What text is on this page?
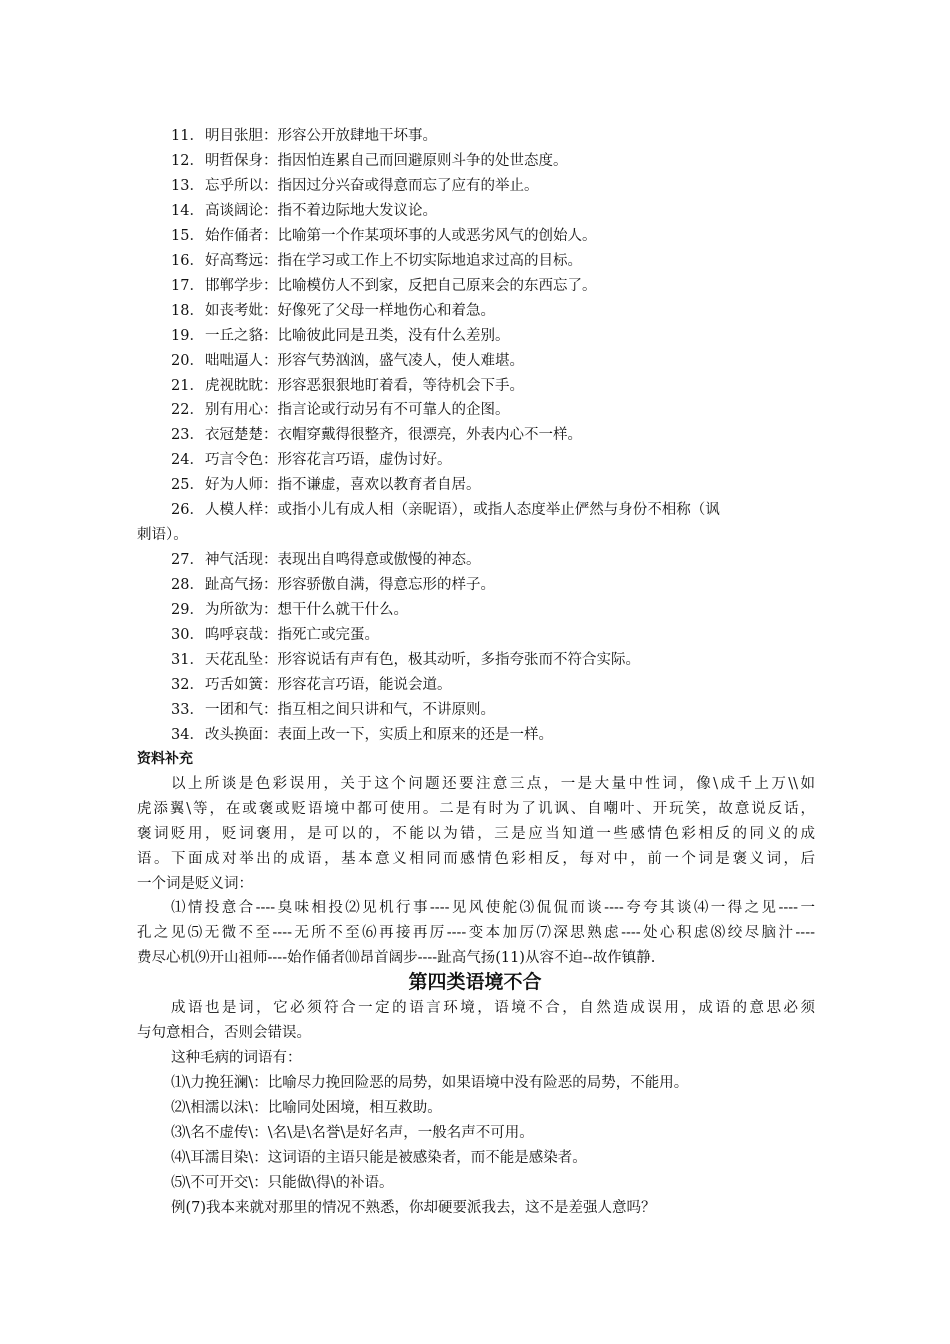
11．明目张胆：形容公开放肆地干坏事。
12．明哲保身：指因怕连累自己而回避原则斗争的处世态度。
13．忘乎所以：指因过分兴奋或得意而忘了应有的举止。
14．高谈阔论：指不着边际地大发议论。
15．始作俑者：比喻第一个作某项坏事的人或恶劣风气的创始人。
16．好高骛远：指在学习或工作上不切实际地追求过高的目标。
17．邯郸学步：比喻模仿人不到家，反把自己原来会的东西忘了。
18．如丧考妣：好像死了父母一样地伤心和着急。
19．一丘之貉：比喻彼此同是丑类，没有什么差别。
20．咄咄逼人：形容气势汹汹，盛气凌人，使人难堪。
21．虎视眈眈：形容恶狠狠地盯着看，等待机会下手。
22．别有用心：指言论或行动另有不可靠人的企图。
23．衣冠楚楚：衣帽穿戴得很整齐，很漂亮，外表内心不一样。
24．巧言令色：形容花言巧语，虚伪讨好。
25．好为人师：指不谦虚，喜欢以教育者自居。
26．人模人样：或指小儿有成人相（亲昵语），或指人态度举止俨然与身份不相称（讽
刺语）。
27．神气活现：表现出自鸣得意或傲慢的神态。
28．趾高气扬：形容骄傲自满，得意忘形的样子。
29．为所欲为：想干什么就干什么。
30．呜呼哀哉：指死亡或完蛋。
31．天花乱坠：形容说话有声有色，极其动听，多指夸张而不符合实际。
32．巧舌如簧：形容花言巧语，能说会道。
33．一团和气：指互相之间只讲和气，不讲原则。
34．改头换面：表面上改一下，实质上和原来的还是一样。
资料补充
以上所谈是色彩误用，关于这个问题还要注意三点，一是大量中性词，像\成千上万\\如
虎添翼\等，在或褒或贬语境中都可使用。二是有时为了讥讽、自嘲叶、开玩笑，故意说反话，
褒词贬用，贬词褒用，是可以的，不能以为错，三是应当知道一些感情色彩相反的同义的成
语。下面成对举出的成语，基本意义相同而感情色彩相反，每对中，前一个词是褒义词，后
一个词是贬义词：
⑴情投意合----臭味相投⑵见机行事----见风使舵⑶侃侃而谈----夸夸其谈⑷一得之见----一
孔之见⑸无微不至----无所不至⑹再接再厉----变本加厉⑺深思熟虑----处心积虑⑻绞尽脑汁----
费尽心机⑼开山祖师----始作俑者⑽昂首阔步----趾高气扬(11)从容不迫--故作镇静.
第四类语境不合
成语也是词，它必须符合一定的语言环境，语境不合，自然造成误用，成语的意思必须
与句意相合，否则会错误。
这种毛病的词语有：
⑴\力挽狂澜\：比喻尽力挽回险恶的局势，如果语境中没有险恶的局势，不能用。
⑵\相濡以沫\：比喻同处困境，相互救助。
⑶\名不虚传\：\名\是\名誉\是好名声，一般名声不可用。
⑷\耳濡目染\：这词语的主语只能是被感染者，而不能是感染者。
⑸\不可开交\：只能做\得\的补语。
例(7)我本来就对那里的情况不熟悉，你却硬要派我去，这不是差强人意吗？
